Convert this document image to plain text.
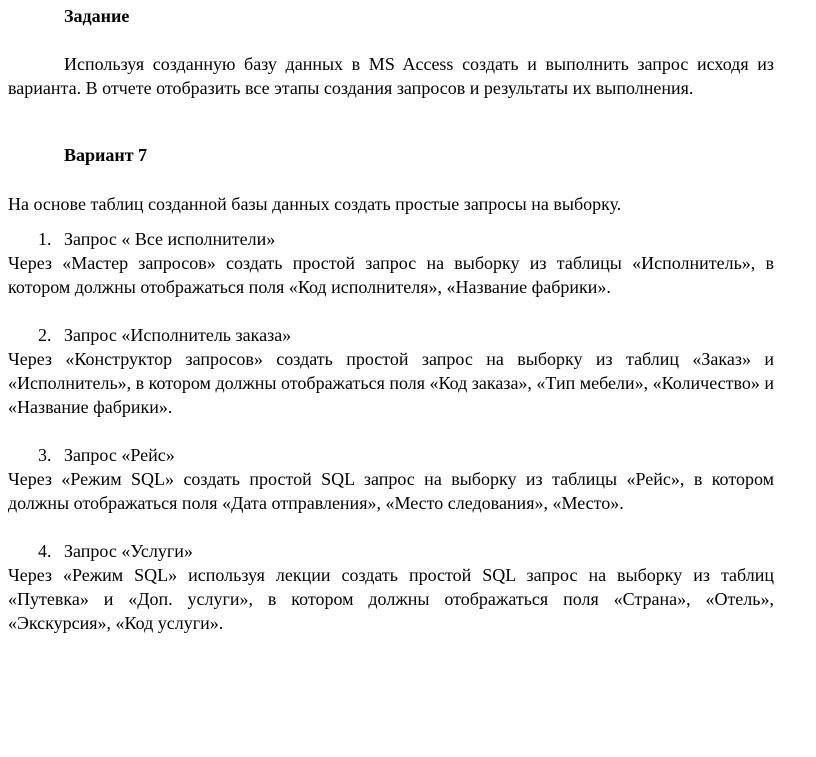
Задание

Используя созданную базу данных в MS Access создать и выполнить запрос исходя из варианта. В отчете отобразить все этапы создания запросов и результаты их выполнения.

Вариант 7

На основе таблиц созданной базы данных создать простые запросы на выборку.

1. Запрос « Все исполнители»

Через «Мастер запросов» создать простой запрос на выборку из таблицы «Исполнитель», в котором должны отображаться поля «Код исполнителя», «Название фабрики».

2. Запрос «Исполнитель заказа»

Через «Конструктор запросов» создать простой запрос на выборку из таблиц «Заказ» и «Исполнитель», в котором должны отображаться поля «Код заказа», «Тип мебели», «Количество» и «Название фабрики».

3. Запрос «Рейс»

Через «Режим SQL» создать простой SQL запрос на выборку из таблицы «Рейс», в котором должны отображаться поля «Дата отправления», «Место следования», «Место».

4. Запрос «Услуги»

Через «Режим SQL» используя лекции создать простой SQL запрос на выборку из таблиц «Путевка» и «Доп. услуги», в котором должны отображаться поля «Страна», «Отель», «Экскурсия», «Код услуги».
